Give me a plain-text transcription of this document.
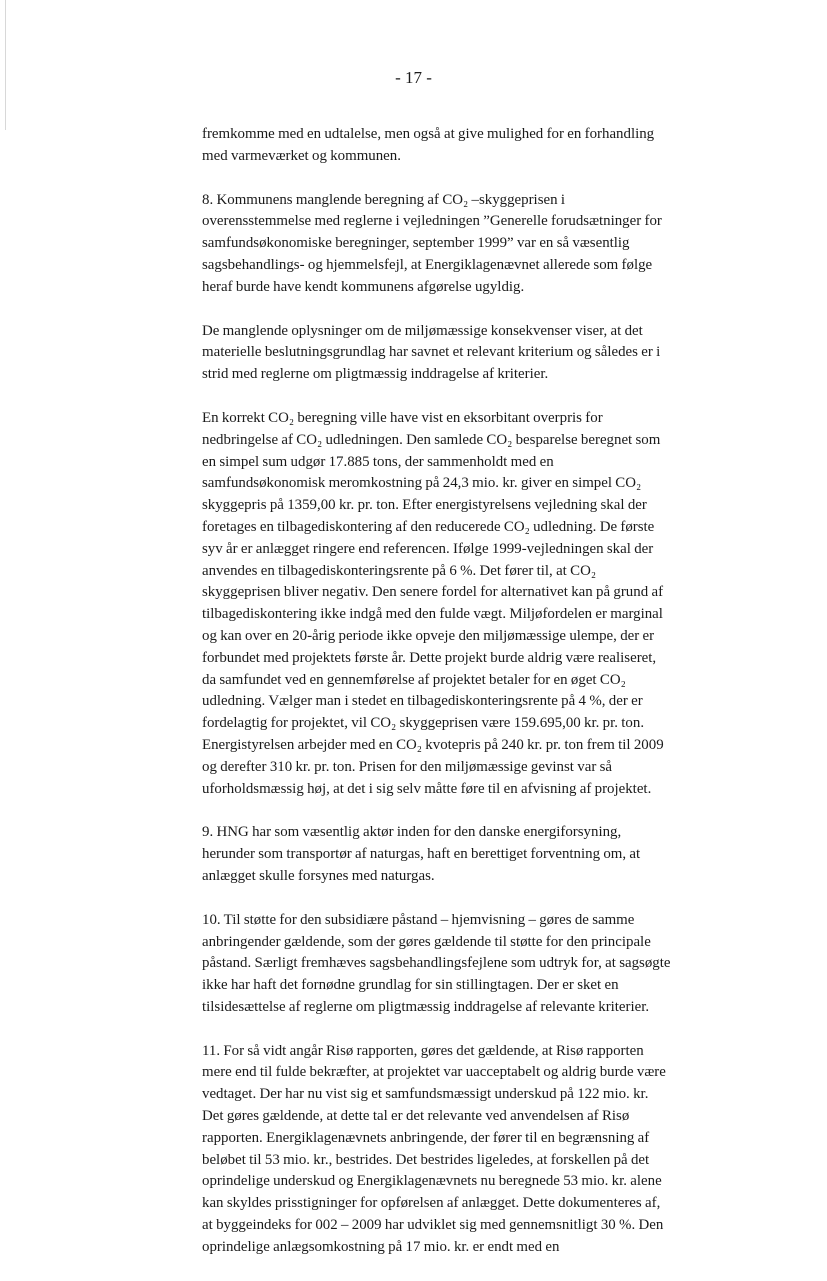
- 17 -
fremkomme med en udtalelse, men også at give mulighed for en forhandling
med varmeværket og kommunen.
8. Kommunens manglende beregning af CO₂ –skyggeprisen i
overensstemmelse med reglerne i vejledningen ”Generelle forudsætninger for
samfundsøkonomiske beregninger, september 1999” var en så væsentlig
sagsbehandlings- og hjemmelsfejl, at Energiklagenævnet allerede som følge
heraf burde have kendt kommunens afgørelse ugyldig.
De manglende oplysninger om de miljømæssige konsekvenser viser, at det
materielle beslutningsgrundlag har savnet et relevant kriterium og således er i
strid med reglerne om pligtmæssig inddragelse af kriterier.
En korrekt CO₂ beregning ville have vist en eksorbitant overpris for
nedbringelse af CO₂ udledningen. Den samlede CO₂ besparelse beregnet som
en simpel sum udgør 17.885 tons, der sammenholdt med en
samfundsøkonomisk meromkostning på 24,3 mio. kr. giver en simpel CO₂
skyggepris på 1359,00 kr. pr. ton. Efter energistyrelsens vejledning skal der
foretages en tilbagediskontering af den reducerede CO₂ udledning. De første
syv år er anlægget ringere end referencen. Ifølge 1999-vejledningen skal der
anvendes en tilbagediskonteringsrente på 6 %. Det fører til, at CO₂
skyggeprisen bliver negativ. Den senere fordel for alternativet kan på grund af
tilbagediskontering ikke indgå med den fulde vægt. Miljøfordelen er marginal
og kan over en 20-årig periode ikke opveje den miljømæssige ulempe, der er
forbundet med projektets første år. Dette projekt burde aldrig være realiseret,
da samfundet ved en gennemførelse af projektet betaler for en øget CO₂
udledning. Vælger man i stedet en tilbagediskonteringsrente på 4 %, der er
fordelagtig for projektet, vil CO₂ skyggeprisen være 159.695,00 kr. pr. ton.
Energistyrelsen arbejder med en CO₂ kvotepris på 240 kr. pr. ton frem til 2009
og derefter 310 kr. pr. ton. Prisen for den miljømæssige gevinst var så
uforholdsmæssig høj, at det i sig selv måtte føre til en afvisning af projektet.
9. HNG har som væsentlig aktør inden for den danske energiforsyning,
herunder som transportør af naturgas, haft en berettiget forventning om, at
anlægget skulle forsynes med naturgas.
10. Til støtte for den subsidiære påstand – hjemvisning – gøres de samme
anbringender gældende, som der gøres gældende til støtte for den principale
påstand. Særligt fremhæves sagsbehandlingsfejlene som udtryk for, at sagsøgte
ikke har haft det fornødne grundlag for sin stillingtagen. Der er sket en
tilsidesættelse af reglerne om pligtmæssig inddragelse af relevante kriterier.
11. For så vidt angår Risø rapporten, gøres det gældende, at Risø rapporten
mere end til fulde bekræfter, at projektet var uacceptabelt og aldrig burde være
vedtaget. Der har nu vist sig et samfundsmæssigt underskud på 122 mio. kr.
Det gøres gældende, at dette tal er det relevante ved anvendelsen af Risø
rapporten. Energiklagenævnets anbringende, der fører til en begrænsning af
beløbet til 53 mio. kr., bestrides. Det bestrides ligeledes, at forskellen på det
oprindelige underskud og Energiklagenævnets nu beregnede 53 mio. kr. alene
kan skyldes prisstigninger for opførelsen af anlægget. Dette dokumenteres af,
at byggeindeks for 002 – 2009 har udviklet sig med gennemsnitligt 30 %. Den
oprindelige anlægsomkostning på 17 mio. kr. er endt med en
